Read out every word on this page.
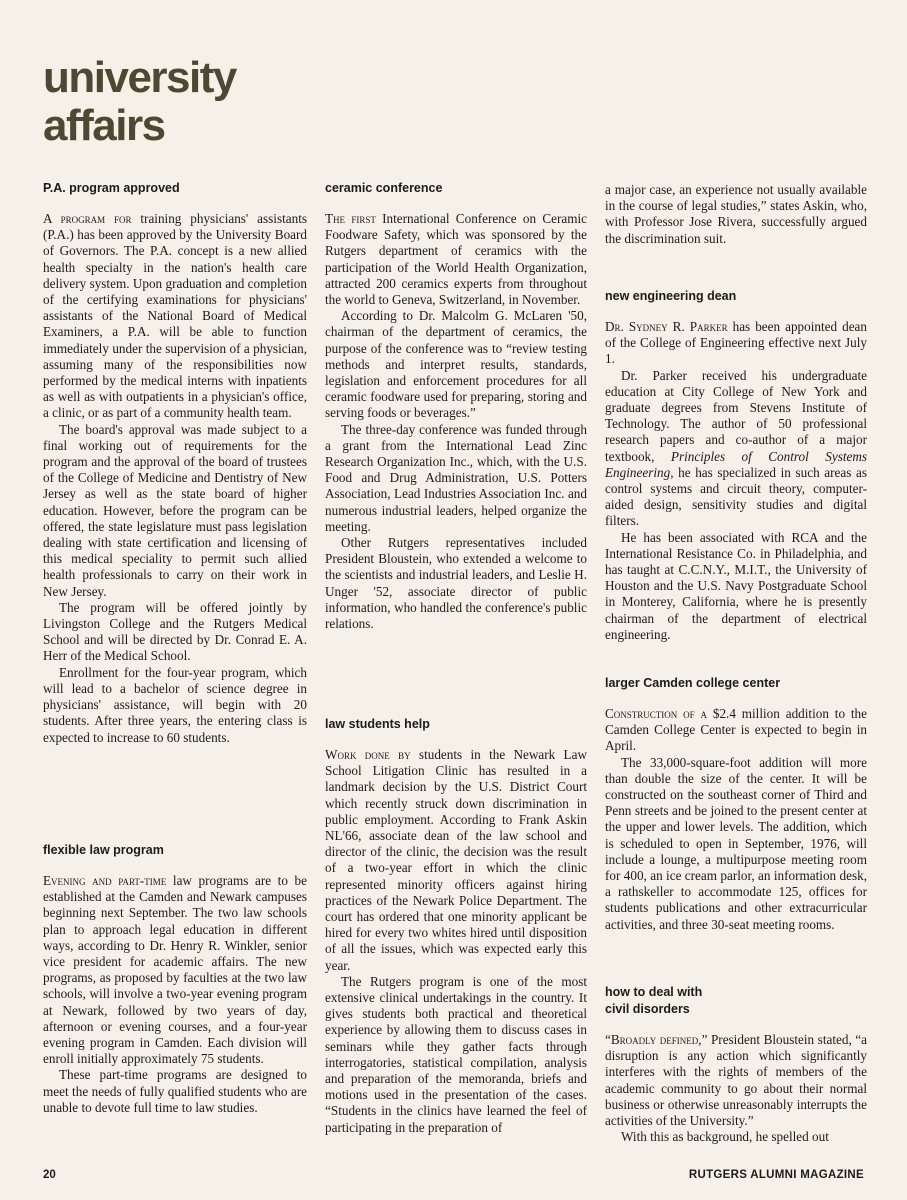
university
affairs
P.A. program approved

A program for training physicians' assistants (P.A.) has been approved by the University Board of Governors. The P.A. concept is a new allied health specialty in the nation's health care delivery system. Upon graduation and completion of the certifying examinations for physicians' assistants of the National Board of Medical Examiners, a P.A. will be able to function immediately under the supervision of a physician, assuming many of the responsibilities now performed by the medical interns with inpatients as well as with outpatients in a physician's office, a clinic, or as part of a community health team.

The board's approval was made subject to a final working out of requirements for the program and the approval of the board of trustees of the College of Medicine and Dentistry of New Jersey as well as the state board of higher education. However, before the program can be offered, the state legislature must pass legislation dealing with state certification and licensing of this medical speciality to permit such allied health professionals to carry on their work in New Jersey.

The program will be offered jointly by Livingston College and the Rutgers Medical School and will be directed by Dr. Conrad E. A. Herr of the Medical School.

Enrollment for the four-year program, which will lead to a bachelor of science degree in physicians' assistance, will begin with 20 students. After three years, the entering class is expected to increase to 60 students.

flexible law program

Evening and part-time law programs are to be established at the Camden and Newark campuses beginning next September. The two law schools plan to approach legal education in different ways, according to Dr. Henry R. Winkler, senior vice president for academic affairs. The new programs, as proposed by faculties at the two law schools, will involve a two-year evening program at Newark, followed by two years of day, afternoon or evening courses, and a four-year evening program in Camden. Each division will enroll initially approximately 75 students.

These part-time programs are designed to meet the needs of fully qualified students who are unable to devote full time to law studies.

ceramic conference

The first International Conference on Ceramic Foodware Safety, which was sponsored by the Rutgers department of ceramics with the participation of the World Health Organization, attracted 200 ceramics experts from throughout the world to Geneva, Switzerland, in November.

According to Dr. Malcolm G. McLaren '50, chairman of the department of ceramics, the purpose of the conference was to “review testing methods and interpret results, standards, legislation and enforcement procedures for all ceramic foodware used for preparing, storing and serving foods or beverages.”

The three-day conference was funded through a grant from the International Lead Zinc Research Organization Inc., which, with the U.S. Food and Drug Administration, U.S. Potters Association, Lead Industries Association Inc. and numerous industrial leaders, helped organize the meeting.

Other Rutgers representatives included President Bloustein, who extended a welcome to the scientists and industrial leaders, and Leslie H. Unger '52, associate director of public information, who handled the conference's public relations.

law students help

Work done by students in the Newark Law School Litigation Clinic has resulted in a landmark decision by the U.S. District Court which recently struck down discrimination in public employment. According to Frank Askin NL'66, associate dean of the law school and director of the clinic, the decision was the result of a two-year effort in which the clinic represented minority officers against hiring practices of the Newark Police Department. The court has ordered that one minority applicant be hired for every two whites hired until disposition of all the issues, which was expected early this year.

The Rutgers program is one of the most extensive clinical undertakings in the country. It gives students both practical and theoretical experience by allowing them to discuss cases in seminars while they gather facts through interrogatories, statistical compilation, analysis and preparation of the memoranda, briefs and motions used in the presentation of the cases. “Students in the clinics have learned the feel of participating in the preparation of

a major case, an experience not usually available in the course of legal studies,” states Askin, who, with Professor Jose Rivera, successfully argued the discrimination suit.

new engineering dean

Dr. Sydney R. Parker has been appointed dean of the College of Engineering effective next July 1.

Dr. Parker received his undergraduate education at City College of New York and graduate degrees from Stevens Institute of Technology. The author of 50 professional research papers and co-author of a major textbook, Principles of Control Systems Engineering, he has specialized in such areas as control systems and circuit theory, computer-aided design, sensitivity studies and digital filters.

He has been associated with RCA and the International Resistance Co. in Philadelphia, and has taught at C.C.N.Y., M.I.T., the University of Houston and the U.S. Navy Postgraduate School in Monterey, California, where he is presently chairman of the department of electrical engineering.

larger Camden college center

Construction of a $2.4 million addition to the Camden College Center is expected to begin in April.

The 33,000-square-foot addition will more than double the size of the center. It will be constructed on the southeast corner of Third and Penn streets and be joined to the present center at the upper and lower levels. The addition, which is scheduled to open in September, 1976, will include a lounge, a multipurpose meeting room for 400, an ice cream parlor, an information desk, a rathskeller to accommodate 125, offices for students publications and other extracurricular activities, and three 30-seat meeting rooms.

how to deal with
civil disorders

“Broadly defined,” President Bloustein stated, “a disruption is any action which significantly interferes with the rights of members of the academic community to go about their normal business or otherwise unreasonably interrupts the activities of the University.”

With this as background, he spelled out

20	RUTGERS ALUMNI MAGAZINE
